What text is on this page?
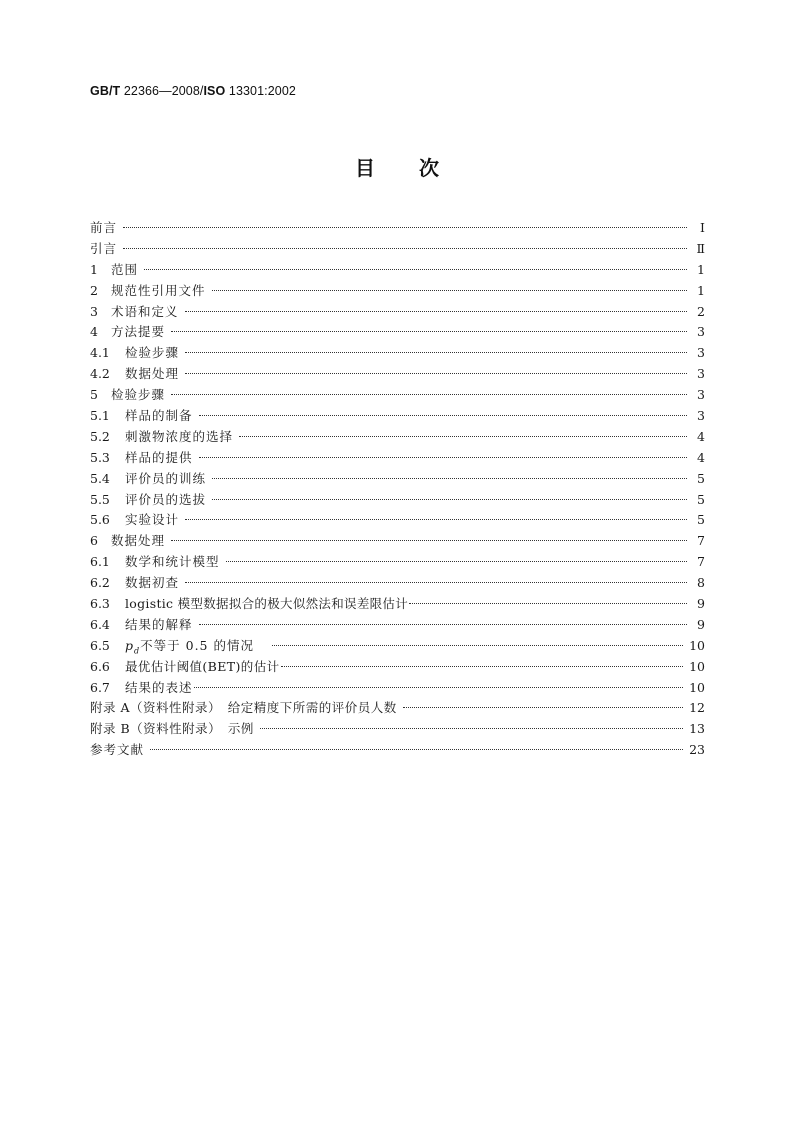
GB/T 22366—2008/ISO 13301:2002
目 次
前言	Ⅰ
引言	Ⅱ
1	范围	1
2	规范性引用文件	1
3	术语和定义	2
4	方法提要	3
4.1	检验步骤	3
4.2	数据处理	3
5	检验步骤	3
5.1	样品的制备	3
5.2	刺激物浓度的选择	4
5.3	样品的提供	4
5.4	评价员的训练	5
5.5	评价员的选拔	5
5.6	实验设计	5
6	数据处理	7
6.1	数学和统计模型	7
6.2	数据初查	8
6.3	logistic 模型数据拟合的极大似然法和误差限估计	9
6.4	结果的解释	9
6.5	$p_d$不等于 0.5 的情况	10
6.6	最优估计阈值(BET)的估计	10
6.7	结果的表述	10
附录 A（资料性附录）　给定精度下所需的评价员人数	12
附录 B（资料性附录）　示例	13
参考文献	23
